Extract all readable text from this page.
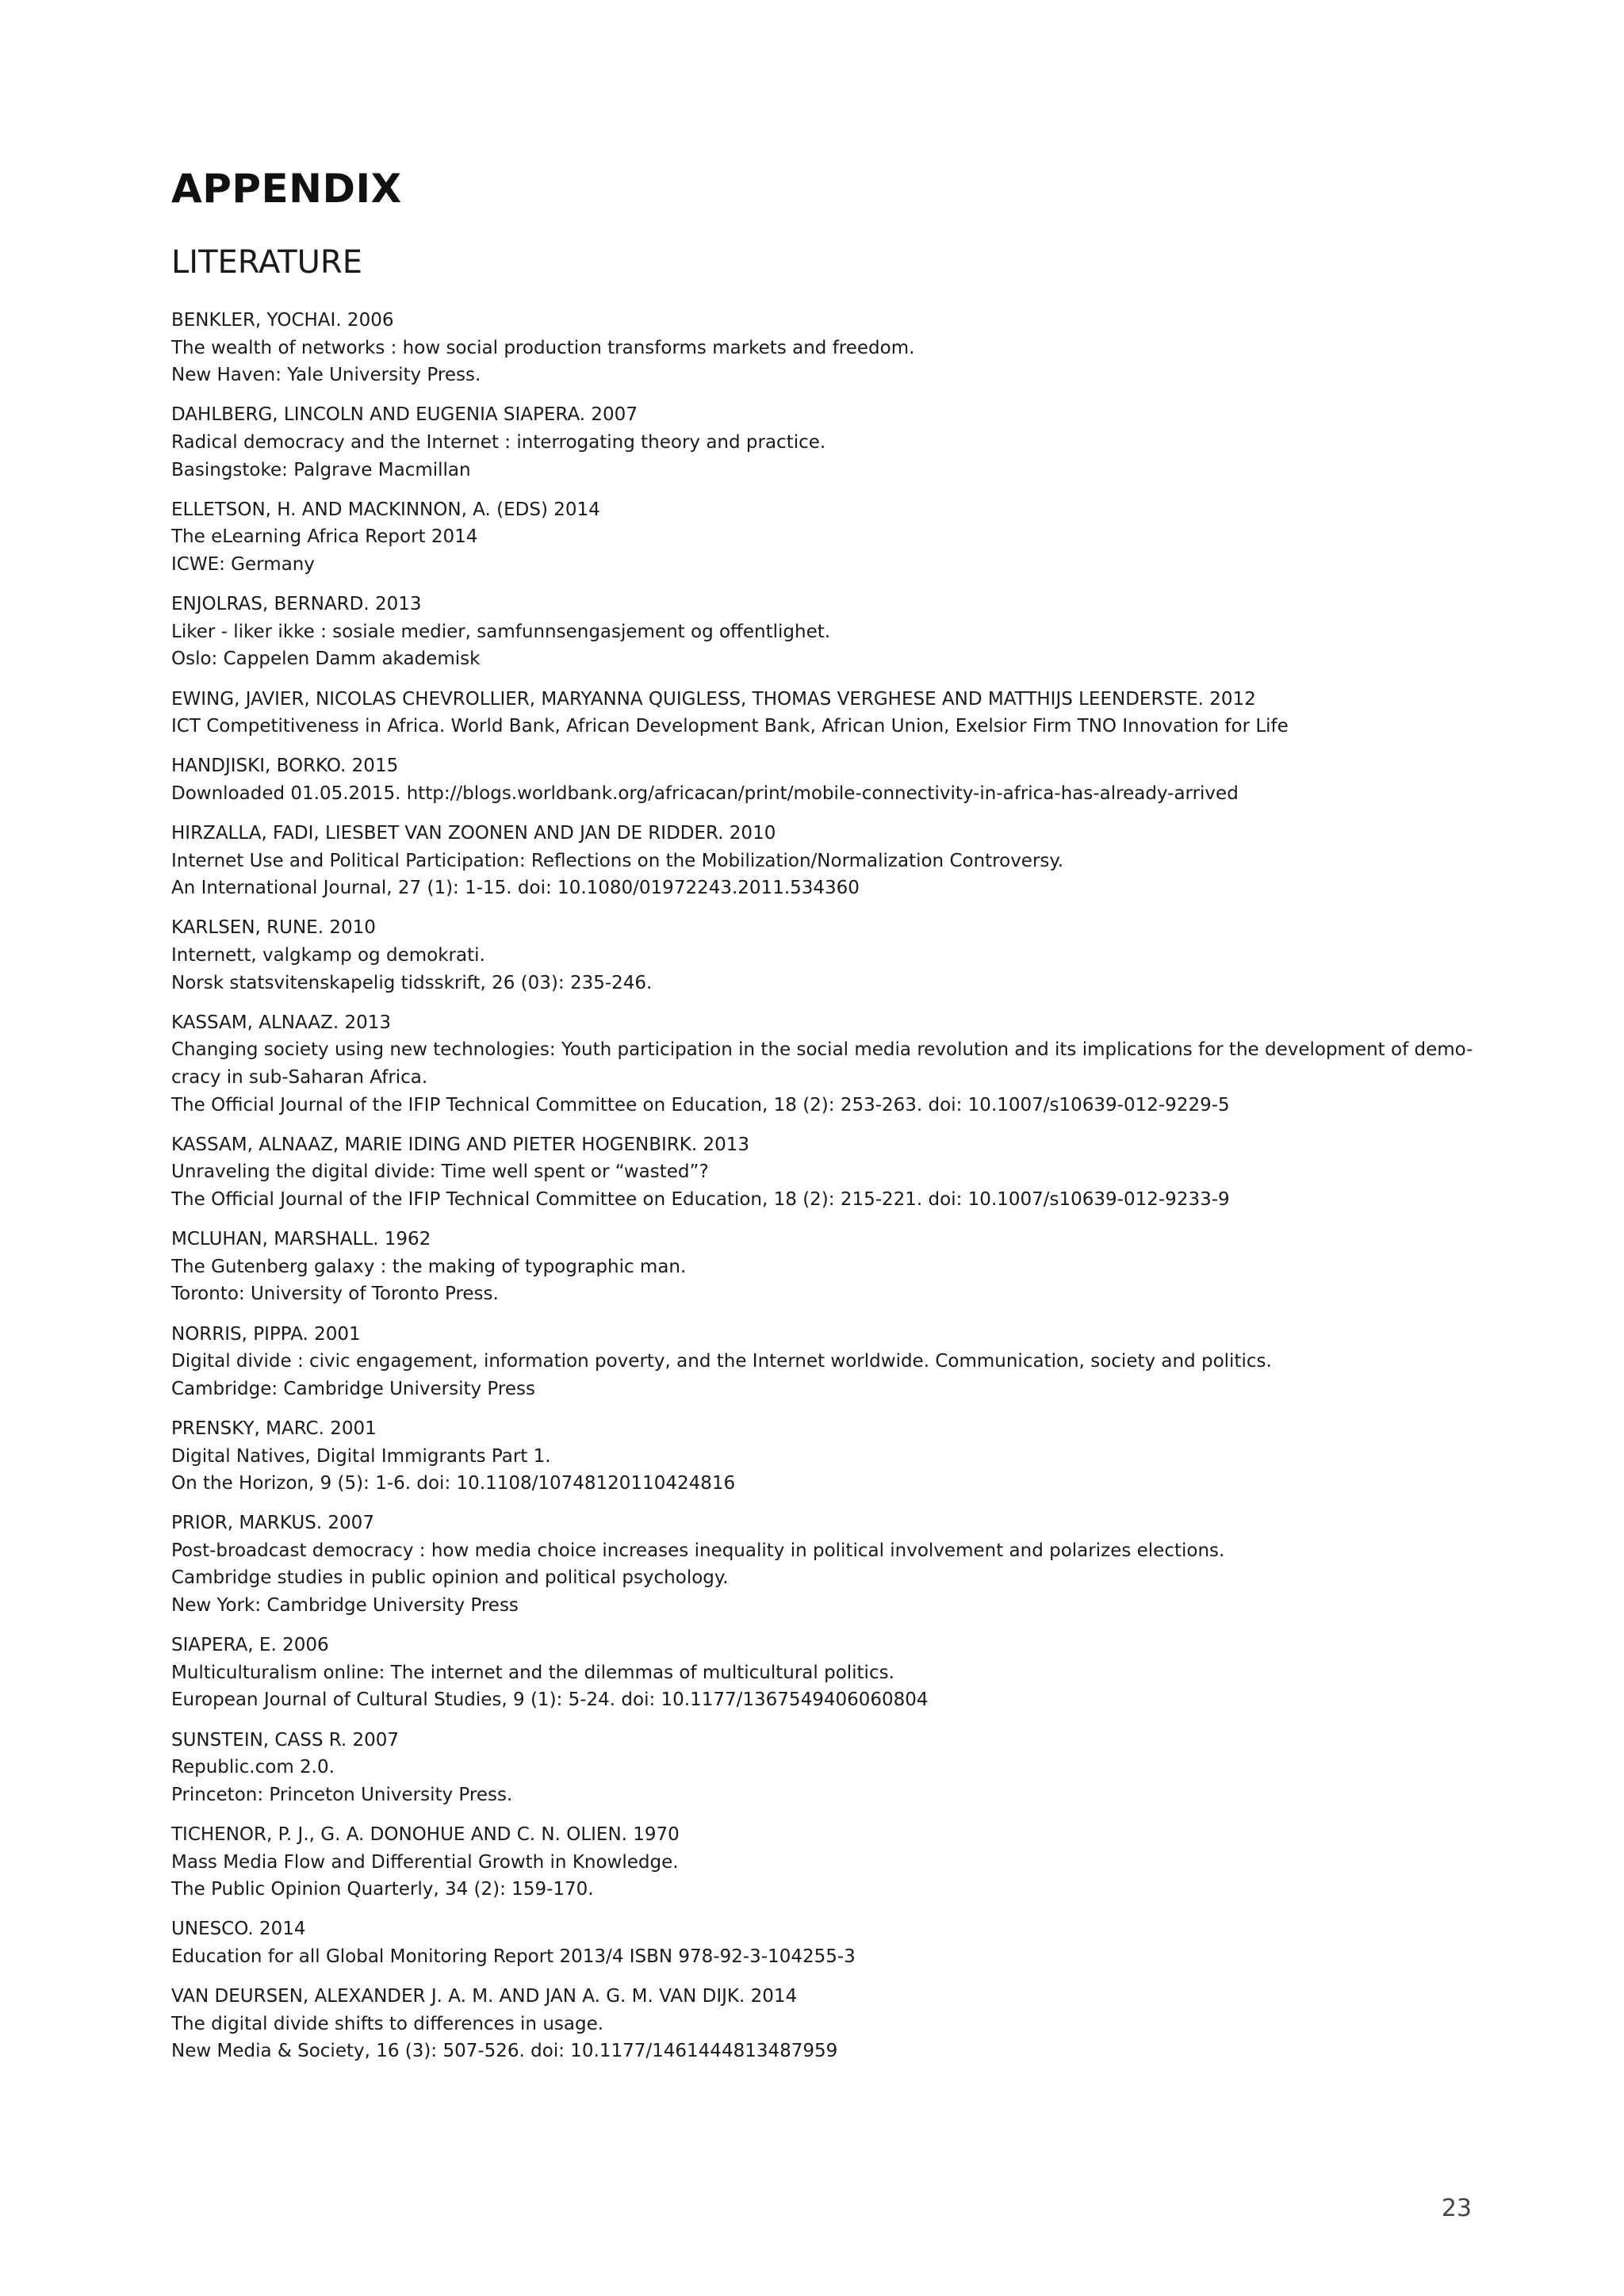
APPENDIX
LITERATURE
BENKLER, YOCHAI. 2006
The wealth of networks : how social production transforms markets and freedom.
New Haven: Yale University Press.
DAHLBERG, LINCOLN AND EUGENIA SIAPERA. 2007
Radical democracy and the Internet : interrogating theory and practice.
Basingstoke: Palgrave Macmillan
ELLETSON, H. AND MACKINNON, A. (EDS) 2014
The eLearning Africa Report 2014
ICWE: Germany
ENJOLRAS, BERNARD. 2013
Liker - liker ikke : sosiale medier, samfunnsengasjement og offentlighet.
Oslo: Cappelen Damm akademisk
EWING, JAVIER, NICOLAS CHEVROLLIER, MARYANNA QUIGLESS, THOMAS VERGHESE AND MATTHIJS LEENDERSTE. 2012
ICT Competitiveness in Africa. World Bank, African Development Bank, African Union, Exelsior Firm TNO Innovation for Life
HANDJISKI, BORKO. 2015
Downloaded 01.05.2015. http://blogs.worldbank.org/africacan/print/mobile-connectivity-in-africa-has-already-arrived
HIRZALLA, FADI, LIESBET VAN ZOONEN AND JAN DE RIDDER. 2010
Internet Use and Political Participation: Reflections on the Mobilization/Normalization Controversy.
An International Journal, 27 (1): 1-15. doi: 10.1080/01972243.2011.534360
KARLSEN, RUNE. 2010
Internett, valgkamp og demokrati.
Norsk statsvitenskapelig tidsskrift, 26 (03): 235-246.
KASSAM, ALNAAZ. 2013
Changing society using new technologies: Youth participation in the social media revolution and its implications for the development of demo-
cracy in sub-Saharan Africa.
The Official Journal of the IFIP Technical Committee on Education, 18 (2): 253-263. doi: 10.1007/s10639-012-9229-5
KASSAM, ALNAAZ, MARIE IDING AND PIETER HOGENBIRK. 2013
Unraveling the digital divide: Time well spent or “wasted”?
The Official Journal of the IFIP Technical Committee on Education, 18 (2): 215-221. doi: 10.1007/s10639-012-9233-9
MCLUHAN, MARSHALL. 1962
The Gutenberg galaxy : the making of typographic man.
Toronto: University of Toronto Press.
NORRIS, PIPPA. 2001
Digital divide : civic engagement, information poverty, and the Internet worldwide. Communication, society and politics.
Cambridge: Cambridge University Press
PRENSKY, MARC. 2001
Digital Natives, Digital Immigrants Part 1.
On the Horizon, 9 (5): 1-6. doi: 10.1108/10748120110424816
PRIOR, MARKUS. 2007
Post-broadcast democracy : how media choice increases inequality in political involvement and polarizes elections.
Cambridge studies in public opinion and political psychology.
New York: Cambridge University Press
SIAPERA, E. 2006
Multiculturalism online: The internet and the dilemmas of multicultural politics.
European Journal of Cultural Studies, 9 (1): 5-24. doi: 10.1177/1367549406060804
SUNSTEIN, CASS R. 2007
Republic.com 2.0.
Princeton: Princeton University Press.
TICHENOR, P. J., G. A. DONOHUE AND C. N. OLIEN. 1970
Mass Media Flow and Differential Growth in Knowledge.
The Public Opinion Quarterly, 34 (2): 159-170.
UNESCO. 2014
Education for all Global Monitoring Report 2013/4 ISBN 978-92-3-104255-3
VAN DEURSEN, ALEXANDER J. A. M. AND JAN A. G. M. VAN DIJK. 2014
The digital divide shifts to differences in usage.
New Media & Society, 16 (3): 507-526. doi: 10.1177/1461444813487959
23
